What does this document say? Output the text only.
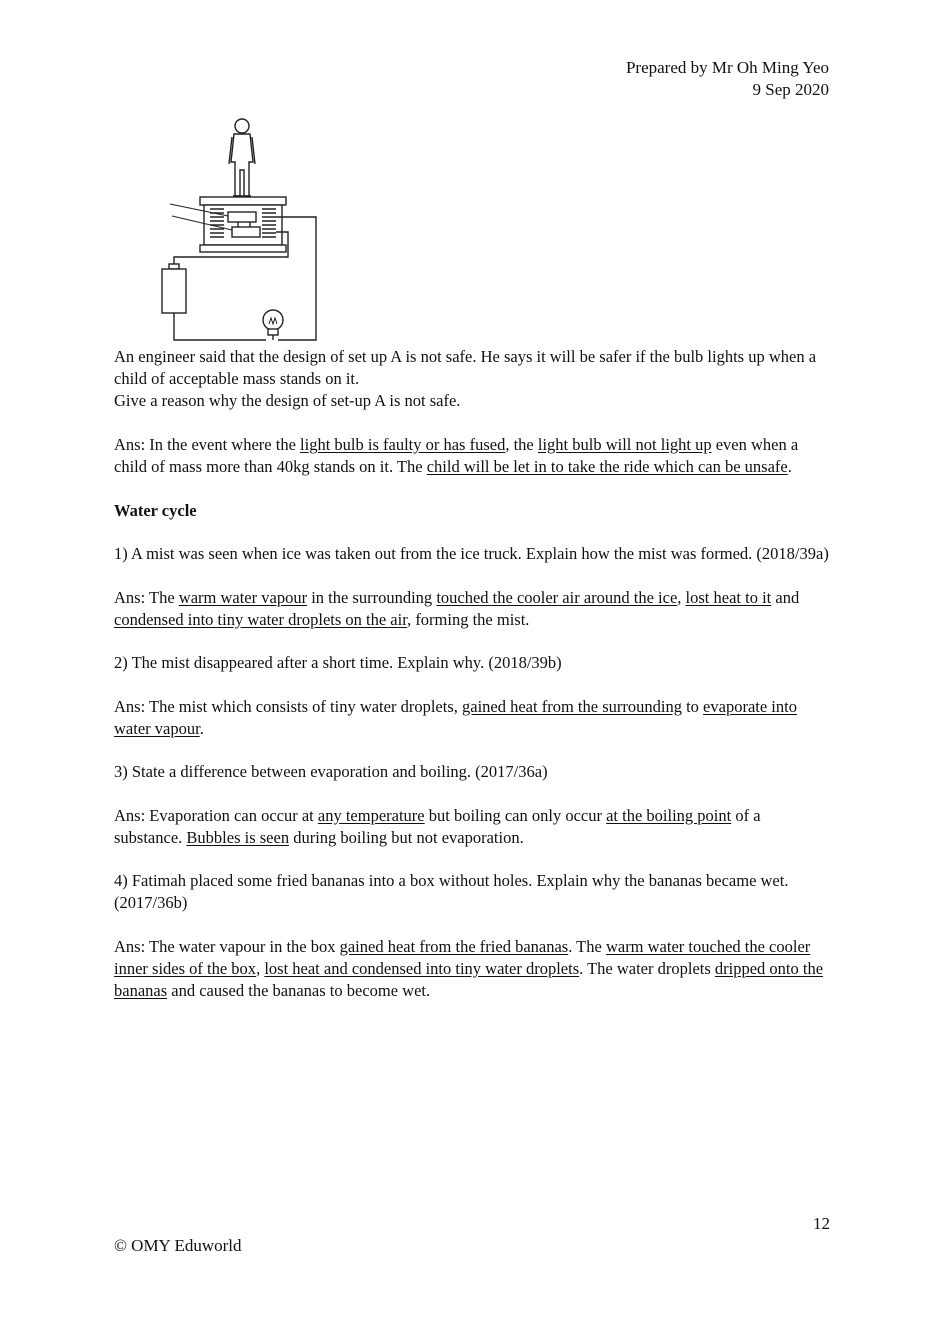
Prepared by Mr Oh Ming Yeo
9 Sep 2020

An engineer said that the design of set up A is not safe. He says it will be safer if the bulb lights up when a child of acceptable mass stands on it.
Give a reason why the design of set-up A is not safe.

Ans: In the event where the light bulb is faulty or has fused, the light bulb will not light up even when a child of mass more than 40kg stands on it. The child will be let in to take the ride which can be unsafe.

Water cycle

1) A mist was seen when ice was taken out from the ice truck. Explain how the mist was formed. (2018/39a)

Ans: The warm water vapour in the surrounding touched the cooler air around the ice, lost heat to it and condensed into tiny water droplets on the air, forming the mist.

2) The mist disappeared after a short time. Explain why. (2018/39b)

Ans: The mist which consists of tiny water droplets, gained heat from the surrounding to evaporate into water vapour.

3) State a difference between evaporation and boiling. (2017/36a)

Ans: Evaporation can occur at any temperature but boiling can only occur at the boiling point of a substance. Bubbles is seen during boiling but not evaporation.

4) Fatimah placed some fried bananas into a box without holes. Explain why the bananas became wet. (2017/36b)

Ans: The water vapour in the box gained heat from the fried bananas. The warm water touched the cooler inner sides of the box, lost heat and condensed into tiny water droplets. The water droplets dripped onto the bananas and caused the bananas to become wet.

12
© OMY Eduworld
